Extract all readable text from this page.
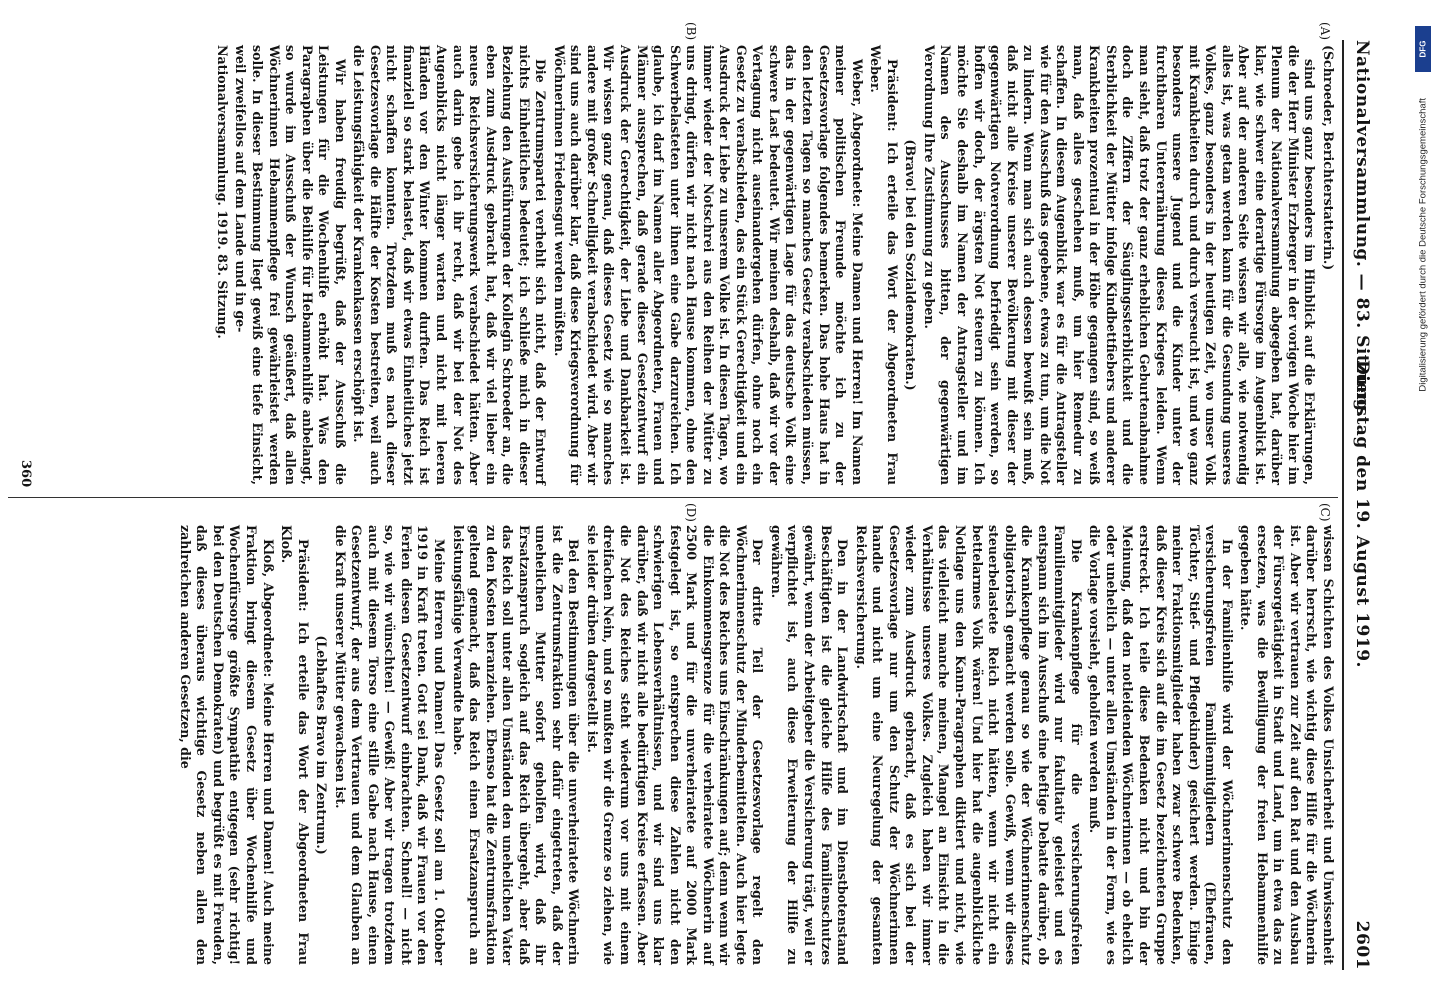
Nationalversammlung. — 83. Sitzung.
Dienstag den 19. August 1919.
2601
(A)
(B)
(C)
(D)

(Schroeder, Berichterstatterin.)

sind uns ganz besonders im Hinblick auf die Erklärungen, die der Herr Minister Erzberger in der vorigen Woche hier im Plenum der Nationalversammlung abgegeben hat, darüber klar, wie schwer eine derartige Fürsorge im Augenblick ist. Aber auf der anderen Seite wissen wir alle, wie notwendig alles ist, was getan werden kann für die Gesundung unseres Volkes, ganz besonders in der heutigen Zeit, wo unser Volk mit Krankheiten durch und durch verseucht ist, und wo ganz besonders unsere Jugend und die Kinder unter der furchtbaren Unterernährung dieses Krieges leiden. Wenn man sieht, daß trotz der ganz erheblichen Geburtenabnahme doch die Ziffern der Säuglingssterblichkeit und die Sterblichkeit der Mütter infolge Kindbettfiebers und anderer Krankheiten prozentual in der Höhe gegangen sind, so weiß man, daß alles geschehen muß, um hier Remedur zu schaffen. In diesem Augenblick war es für die Antragsteller wie für den Ausschuß das gegebene, etwas zu tun, um die Not zu lindern. Wenn man sich auch dessen bewußt sein muß, daß nicht alle Kreise unserer Bevölkerung mit dieser der gegenwärtigen Notverordnung befriedigt sein werden, so hoffen wir doch, der ärgsten Not steuern zu können. Ich möchte Sie deshalb im Namen der Antragsteller und im Namen des Ausschusses bitten, der gegenwärtigen Verordnung Ihre Zustimmung zu geben.

(Bravo! bei den Sozialdemokraten.)

Präsident: Ich erteile das Wort der Abgeordneten Frau Weber.

Weber, Abgeordnete: Meine Damen und Herren! Im Namen meiner politischen Freunde möchte ich zu der Gesetzesvorlage folgendes bemerken. Das hohe Haus hat in den letzten Tagen so manches Gesetz verabschieden müssen, das in der gegenwärtigen Lage für das deutsche Volk eine schwere Last bedeutet. Wir meinen deshalb, daß wir vor der Vertagung nicht auseinandergehen dürfen, ohne noch ein Gesetz zu verabschieden, das ein Stück Gerechtigkeit und ein Ausdruck der Liebe zu unserem Volke ist. In diesen Tagen, wo immer wieder der Notschrei aus den Reihen der Mütter zu uns dringt, dürfen wir nicht nach Hause kommen, ohne den Schwerbelasteten unter ihnen eine Gabe darzureichen. Ich glaube, ich darf im Namen aller Abgeordneten, Frauen und Männer aussprechen, daß gerade dieser Gesetzentwurf ein Ausdruck der Gerechtigkeit, der Liebe und Dankbarkeit ist. Wir wissen ganz genau, daß dieses Gesetz wie so manches andere mit großer Schnelligkeit verabschiedet wird. Aber wir sind uns auch darüber klar, daß diese Kriegsverordnung für Wöchnerinnen Friedensgut werden müßten.

Die Zentrumspartei verhehlt sich nicht, daß der Entwurf nichts Einheitliches bedeutet; ich schließe mich in dieser Beziehung den Ausführungen der Kollegin Schroeder an, die eben zum Ausdruck gebracht hat, daß wir viel lieber ein neues Reichsversicherungswerk verabschiedet hätten. Aber auch darin gebe ich ihr recht, daß wir bei der Not des Augenblicks nicht länger warten und nicht mit leeren Händen vor den Winter kommen durften. Das Reich ist finanziell so stark belastet, daß wir etwas Einheitliches jetzt nicht schaffen konnten. Trotzdem muß es nach dieser Gesetzesvorlage die Hälfte der Kosten bestreiten, weil auch die Leistungsfähigkeit der Krankenkassen erschöpft ist.

Wir haben freudig begrüßt, daß der Ausschuß die Leistungen für die Wochenhilfe erhöht hat. Was den Paragraphen über die Beihilfe für Hebammenhilfe anbelangt, so wurde im Ausschuß der Wunsch geäußert, daß allen Wöchnerinnen Hebammenpflege frei gewährleistet werden solle. In dieser Bestimmung liegt gewiß eine tiefe Einsicht, weil zweifellos auf dem Lande und in ge-

Nationalversammlung. 1919. 83. Sitzung.

wissen Schichten des Volkes Unsicherheit und Unwissenheit darüber herrscht, wie wichtig diese Hilfe für die Wöchnerin ist. Aber wir vertrauen zur Zeit auf den Rat und den Ausbau der Fürsorgetätigkeit in Stadt und Land, um in etwa das zu ersetzen, was die Bewilligung der freien Hebammenhilfe gegeben hätte.

In der Familienhilfe wird der Wöchnerinnenschutz den versicherungsfreien Familienmitgliedern (Ehefrauen, Töchter, Stief- und Pflegekinder) gesichert werden. Einige meiner Fraktionsmitglieder haben zwar schwere Bedenken, daß dieser Kreis sich auf die im Gesetz bezeichneten Gruppe erstreckt. Ich teile diese Bedenken nicht und bin der Meinung, daß den notleidenden Wöchnerinnen — ob ehelich oder unehelich — unter allen Umständen in der Form, wie es die Vorlage vorsieht, geholfen werden muß.

Die Krankenpflege für die versicherungsfreien Familienmitglieder wird nur fakultativ geleistet und es entspann sich im Ausschuß eine heftige Debatte darüber, ob die Krankenpflege genau so wie der Wöchnerinnenschutz obligatorisch gemacht werden solle. Gewiß, wenn wir dieses steuerbelastete Reich nicht hätten, wenn wir nicht ein bettelarmes Volk wären! Und hier hat die augenblickliche Notlage uns den Kann-Paragraphen diktiert und nicht, wie das vielleicht manche meinen, Mangel an Einsicht in die Verhältnisse unseres Volkes. Zugleich haben wir immer wieder zum Ausdruck gebracht, daß es sich bei der Gesetzesvorlage nur um den Schutz der Wöchnerinnen handle und nicht um eine Neuregelung der gesamten Reichsversicherung.

Den in der Landwirtschaft und im Dienstbotenstand Beschäftigten ist die gleiche Hilfe des Familienschutzes gewährt, wenn der Arbeitgeber die Versicherung trägt, weil er verpflichtet ist, auch diese Erweiterung der Hilfe zu gewähren.

Der dritte Teil der Gesetzesvorlage regelt den Wöchnerinnenschutz der Minderbemittelten. Auch hier legte die Not des Reiches uns Einschränkungen auf; denn wenn wir die Einkommensgrenze für die verheiratete Wöchnerin auf 2500 Mark und für die unverheiratete auf 2000 Mark festgelegt ist, so entsprechen diese Zahlen nicht den schwierigen Lebensverhältnissen, und wir sind uns klar darüber, daß wir nicht alle bedürftigen Kreise erfassen. Aber die Not des Reiches steht wiederum vor uns mit einem dreifachen Nein, und so mußten wir die Grenze so ziehen, wie sie leider drüben dargestellt ist.

Bei den Bestimmungen über die unverheiratete Wöchnerin ist die Zentrumsfraktion sehr dafür eingetreten, daß der unehelichen Mutter sofort geholfen wird, daß ihr Ersatzanspruch sogleich auf das Reich übergeht, aber daß das Reich soll unter allen Umständen den unehelichen Vater zu den Kosten heranziehen. Ebenso hat die Zentrumsfraktion geltend gemacht, daß das Reich einen Ersatzanspruch an leistungsfähige Verwandte habe.

Meine Herren und Damen! Das Gesetz soll am 1. Oktober 1919 in Kraft treten. Gott sei Dank, daß wir Frauen vor den Ferien diesen Gesetzentwurf einbrachten. Schnell! — nicht so, wie wir wünschten! — Gewiß! Aber wir tragen trotzdem auch mit diesem Torso eine stille Gabe nach Hause, einen Gesetzentwurf, der aus dem Vertrauen und dem Glauben an die Kraft unserer Mütter gewachsen ist.

(Lebhaftes Bravo im Zentrum.)

Präsident: Ich erteile das Wort der Abgeordneten Frau Kloß.

Kloß, Abgeordnete: Meine Herren und Damen! Auch meine Fraktion bringt diesem Gesetz über Wochenhilfe und Wochenfürsorge größte Sympathie entgegen (sehr richtig! bei den Deutschen Demokraten) und begrüßt es mit Freuden, daß dieses überaus wichtige Gesetz neben allen den zahlreichen anderen Gesetzen, die

360
DFG
Digitalisierung gefördert durch die Deutsche Forschungsgemeinschaft
